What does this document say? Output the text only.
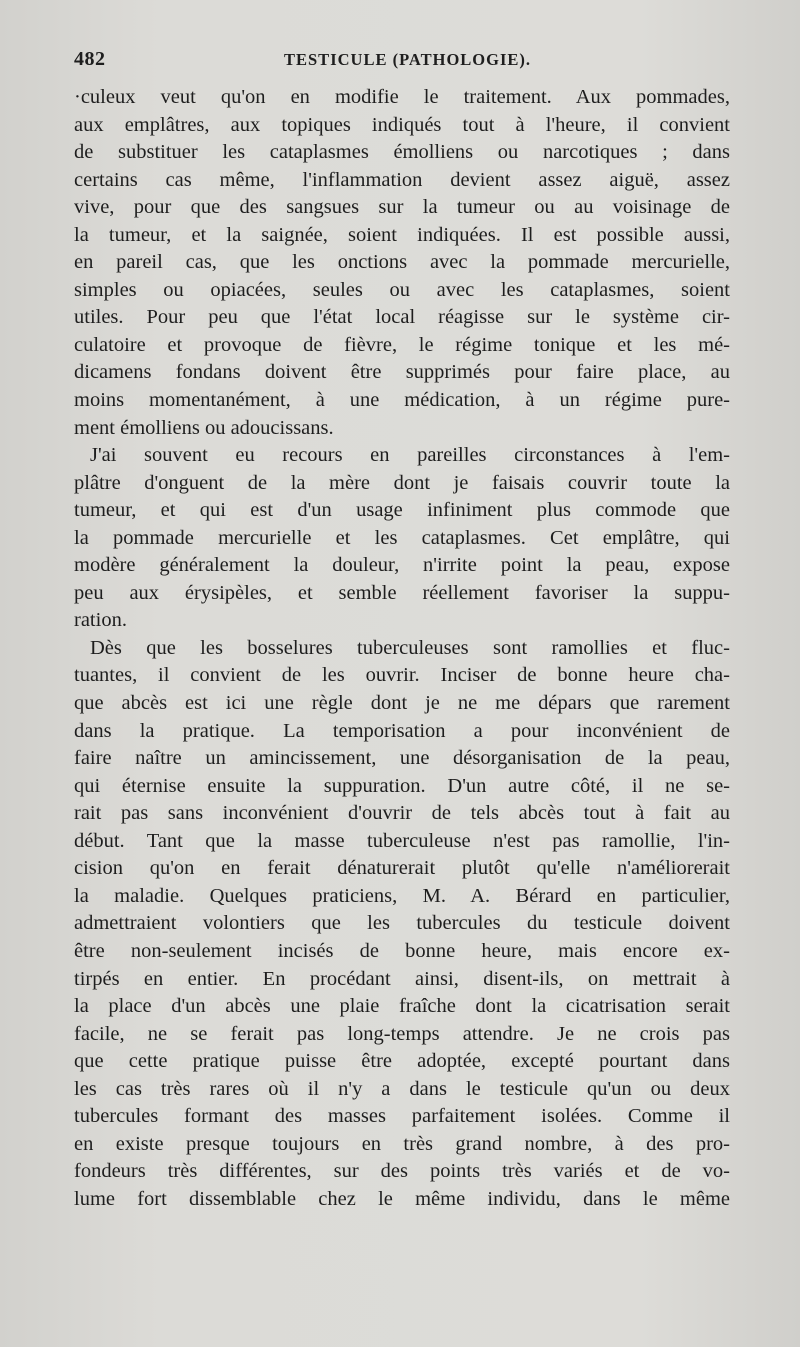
482	TESTICULE (PATHOLOGIE).
·culeux veut qu'on en modifie le traitement. Aux pommades,
aux emplâtres, aux topiques indiqués tout à l'heure, il convient
de substituer les cataplasmes émolliens ou narcotiques ; dans
certains cas même, l'inflammation devient assez aiguë, assez
vive, pour que des sangsues sur la tumeur ou au voisinage de
la tumeur, et la saignée, soient indiquées. Il est possible aussi,
en pareil cas, que les onctions avec la pommade mercurielle,
simples ou opiacées, seules ou avec les cataplasmes, soient
utiles. Pour peu que l'état local réagisse sur le système cir-
culatoire et provoque de fièvre, le régime tonique et les mé-
dicamens fondans doivent être supprimés pour faire place, au
moins momentanément, à une médication, à un régime pure-
ment émolliens ou adoucissans.
J'ai souvent eu recours en pareilles circonstances à l'em-
plâtre d'onguent de la mère dont je faisais couvrir toute la
tumeur, et qui est d'un usage infiniment plus commode que
la pommade mercurielle et les cataplasmes. Cet emplâtre, qui
modère généralement la douleur, n'irrite point la peau, expose
peu aux érysipèles, et semble réellement favoriser la suppu-
ration.
Dès que les bosselures tuberculeuses sont ramollies et fluc-
tuantes, il convient de les ouvrir. Inciser de bonne heure cha-
que abcès est ici une règle dont je ne me dépars que rarement
dans la pratique. La temporisation a pour inconvénient de
faire naître un amincissement, une désorganisation de la peau,
qui éternise ensuite la suppuration. D'un autre côté, il ne se-
rait pas sans inconvénient d'ouvrir de tels abcès tout à fait au
début. Tant que la masse tuberculeuse n'est pas ramollie, l'in-
cision qu'on en ferait dénaturerait plutôt qu'elle n'améliorerait
la maladie. Quelques praticiens, M. A. Bérard en particulier,
admettraient volontiers que les tubercules du testicule doivent
être non-seulement incisés de bonne heure, mais encore ex-
tirpés en entier. En procédant ainsi, disent-ils, on mettrait à
la place d'un abcès une plaie fraîche dont la cicatrisation serait
facile, ne se ferait pas long-temps attendre. Je ne crois pas
que cette pratique puisse être adoptée, excepté pourtant dans
les cas très rares où il n'y a dans le testicule qu'un ou deux
tubercules formant des masses parfaitement isolées. Comme il
en existe presque toujours en très grand nombre, à des pro-
fondeurs très différentes, sur des points très variés et de vo-
lume fort dissemblable chez le même individu, dans le même
